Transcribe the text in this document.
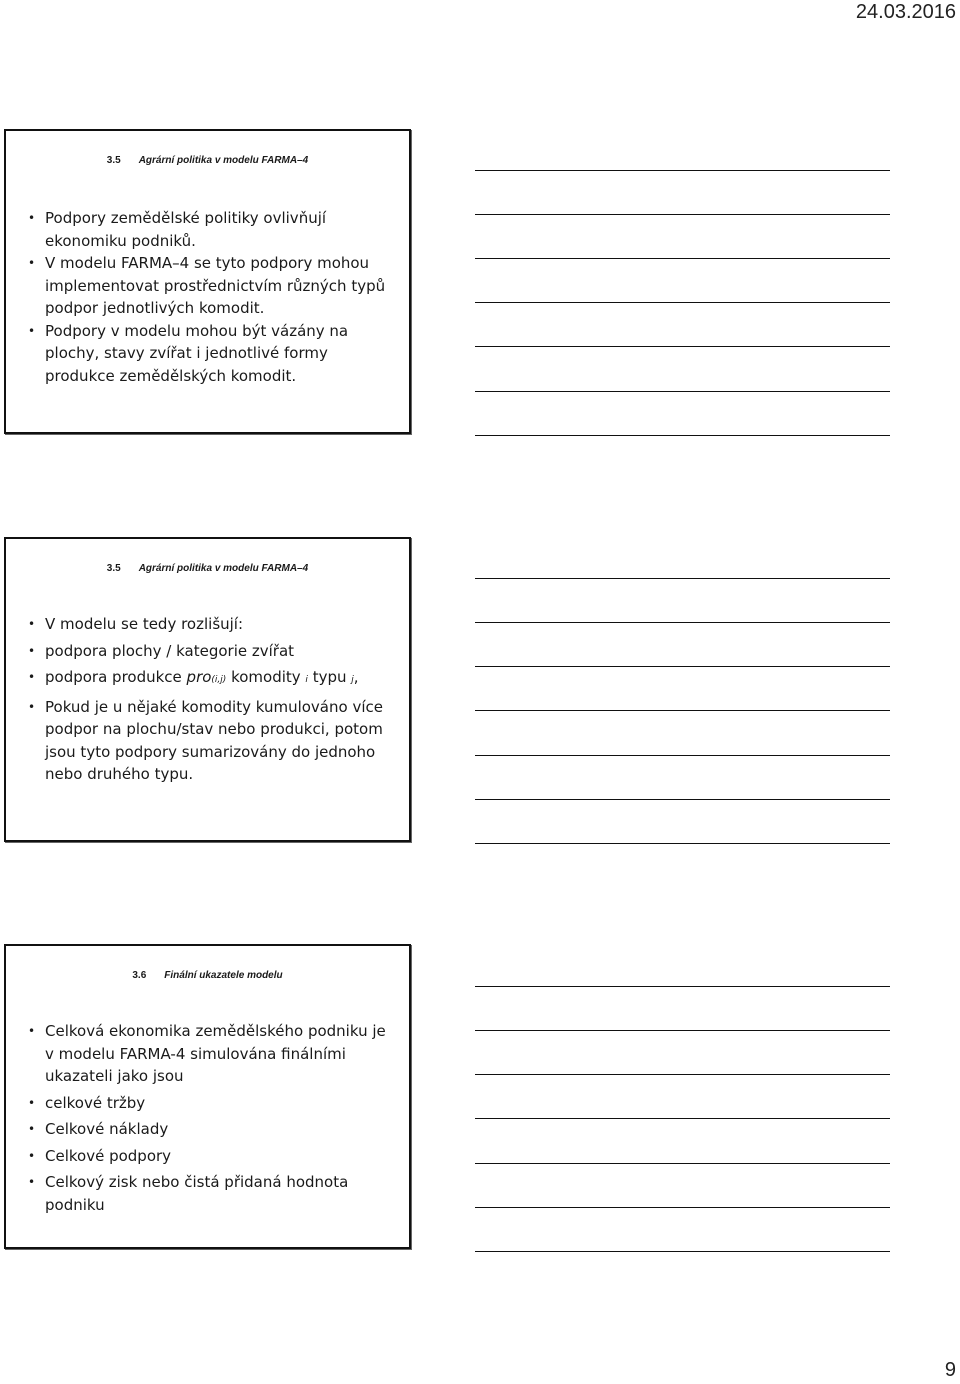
24.03.2016
3.5 Agrární politika v modelu FARMA–4
• Podpory zemědělské politiky ovlivňují ekonomiku podniků.
• V modelu FARMA–4 se tyto podpory mohou implementovat prostřednictvím různých typů podpor jednotlivých komodit.
• Podpory v modelu mohou být vázány na plochy, stavy zvířat i jednotlivé formy produkce zemědělských komodit.
3.5 Agrární politika v modelu FARMA–4
• V modelu se tedy rozlišují:
• podpora plochy / kategorie zvířat
• podpora produkce pro(i,j) komodity i typu j,
• Pokud je u nějaké komodity kumulováno více podpor na plochu/stav nebo produkci, potom jsou tyto podpory sumarizovány do jednoho nebo druhého typu.
3.6 Finální ukazatele modelu
• Celková ekonomika zemědělského podniku je v modelu FARMA-4 simulována finálními ukazateli jako jsou
• celkové tržby
• Celkové náklady
• Celkové podpory
• Celkový zisk nebo čistá přidaná hodnota podniku
9
